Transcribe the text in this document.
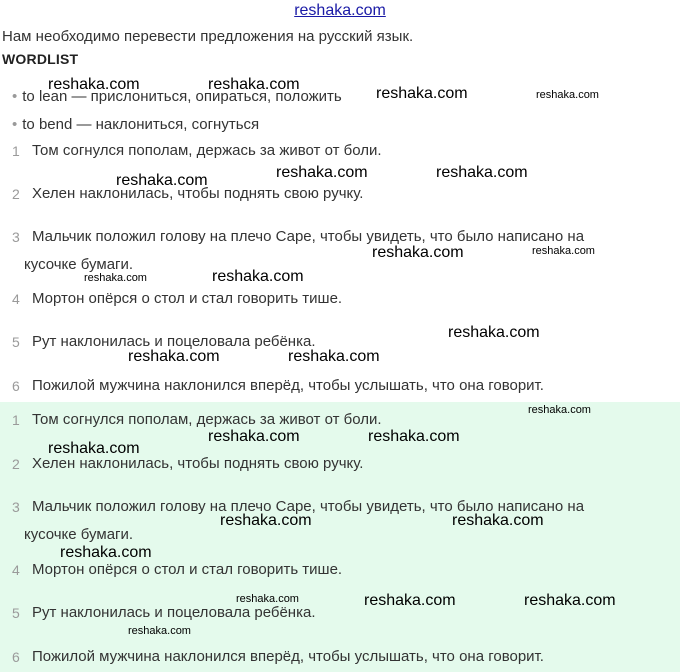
reshaka.com
Нам необходимо перевести предложения на русский язык.
WORDLIST
• to lean — прислониться, опираться, положить
• to bend — наклониться, согнуться
1 Том согнулся пополам, держась за живот от боли.
2 Хелен наклонилась, чтобы поднять свою ручку.
3 Мальчик положил голову на плечо Саре, чтобы увидеть, что было написано на
кусочке бумаги.
4 Мортон опёрся о стол и стал говорить тише.
5 Рут наклонилась и поцеловала ребёнка.
6 Пожилой мужчина наклонился вперёд, чтобы услышать, что она говорит.
1 Том согнулся пополам, держась за живот от боли.
2 Хелен наклонилась, чтобы поднять свою ручку.
3 Мальчик положил голову на плечо Саре, чтобы увидеть, что было написано на
кусочке бумаги.
4 Мортон опёрся о стол и стал говорить тише.
5 Рут наклонилась и поцеловала ребёнка.
6 Пожилой мужчина наклонился вперёд, чтобы услышать, что она говорит.
reshaka.com	reshaka.com
reshaka.com	reshaka.com
reshaka.com	reshaka.com	reshaka.com
reshaka.com	reshaka.com
reshaka.com	reshaka.com
reshaka.com
reshaka.com	reshaka.com
reshaka.com
reshaka.com	reshaka.com
reshaka.com
reshaka.com	reshaka.com
reshaka.com
reshaka.com	reshaka.com	reshaka.com
reshaka.com
